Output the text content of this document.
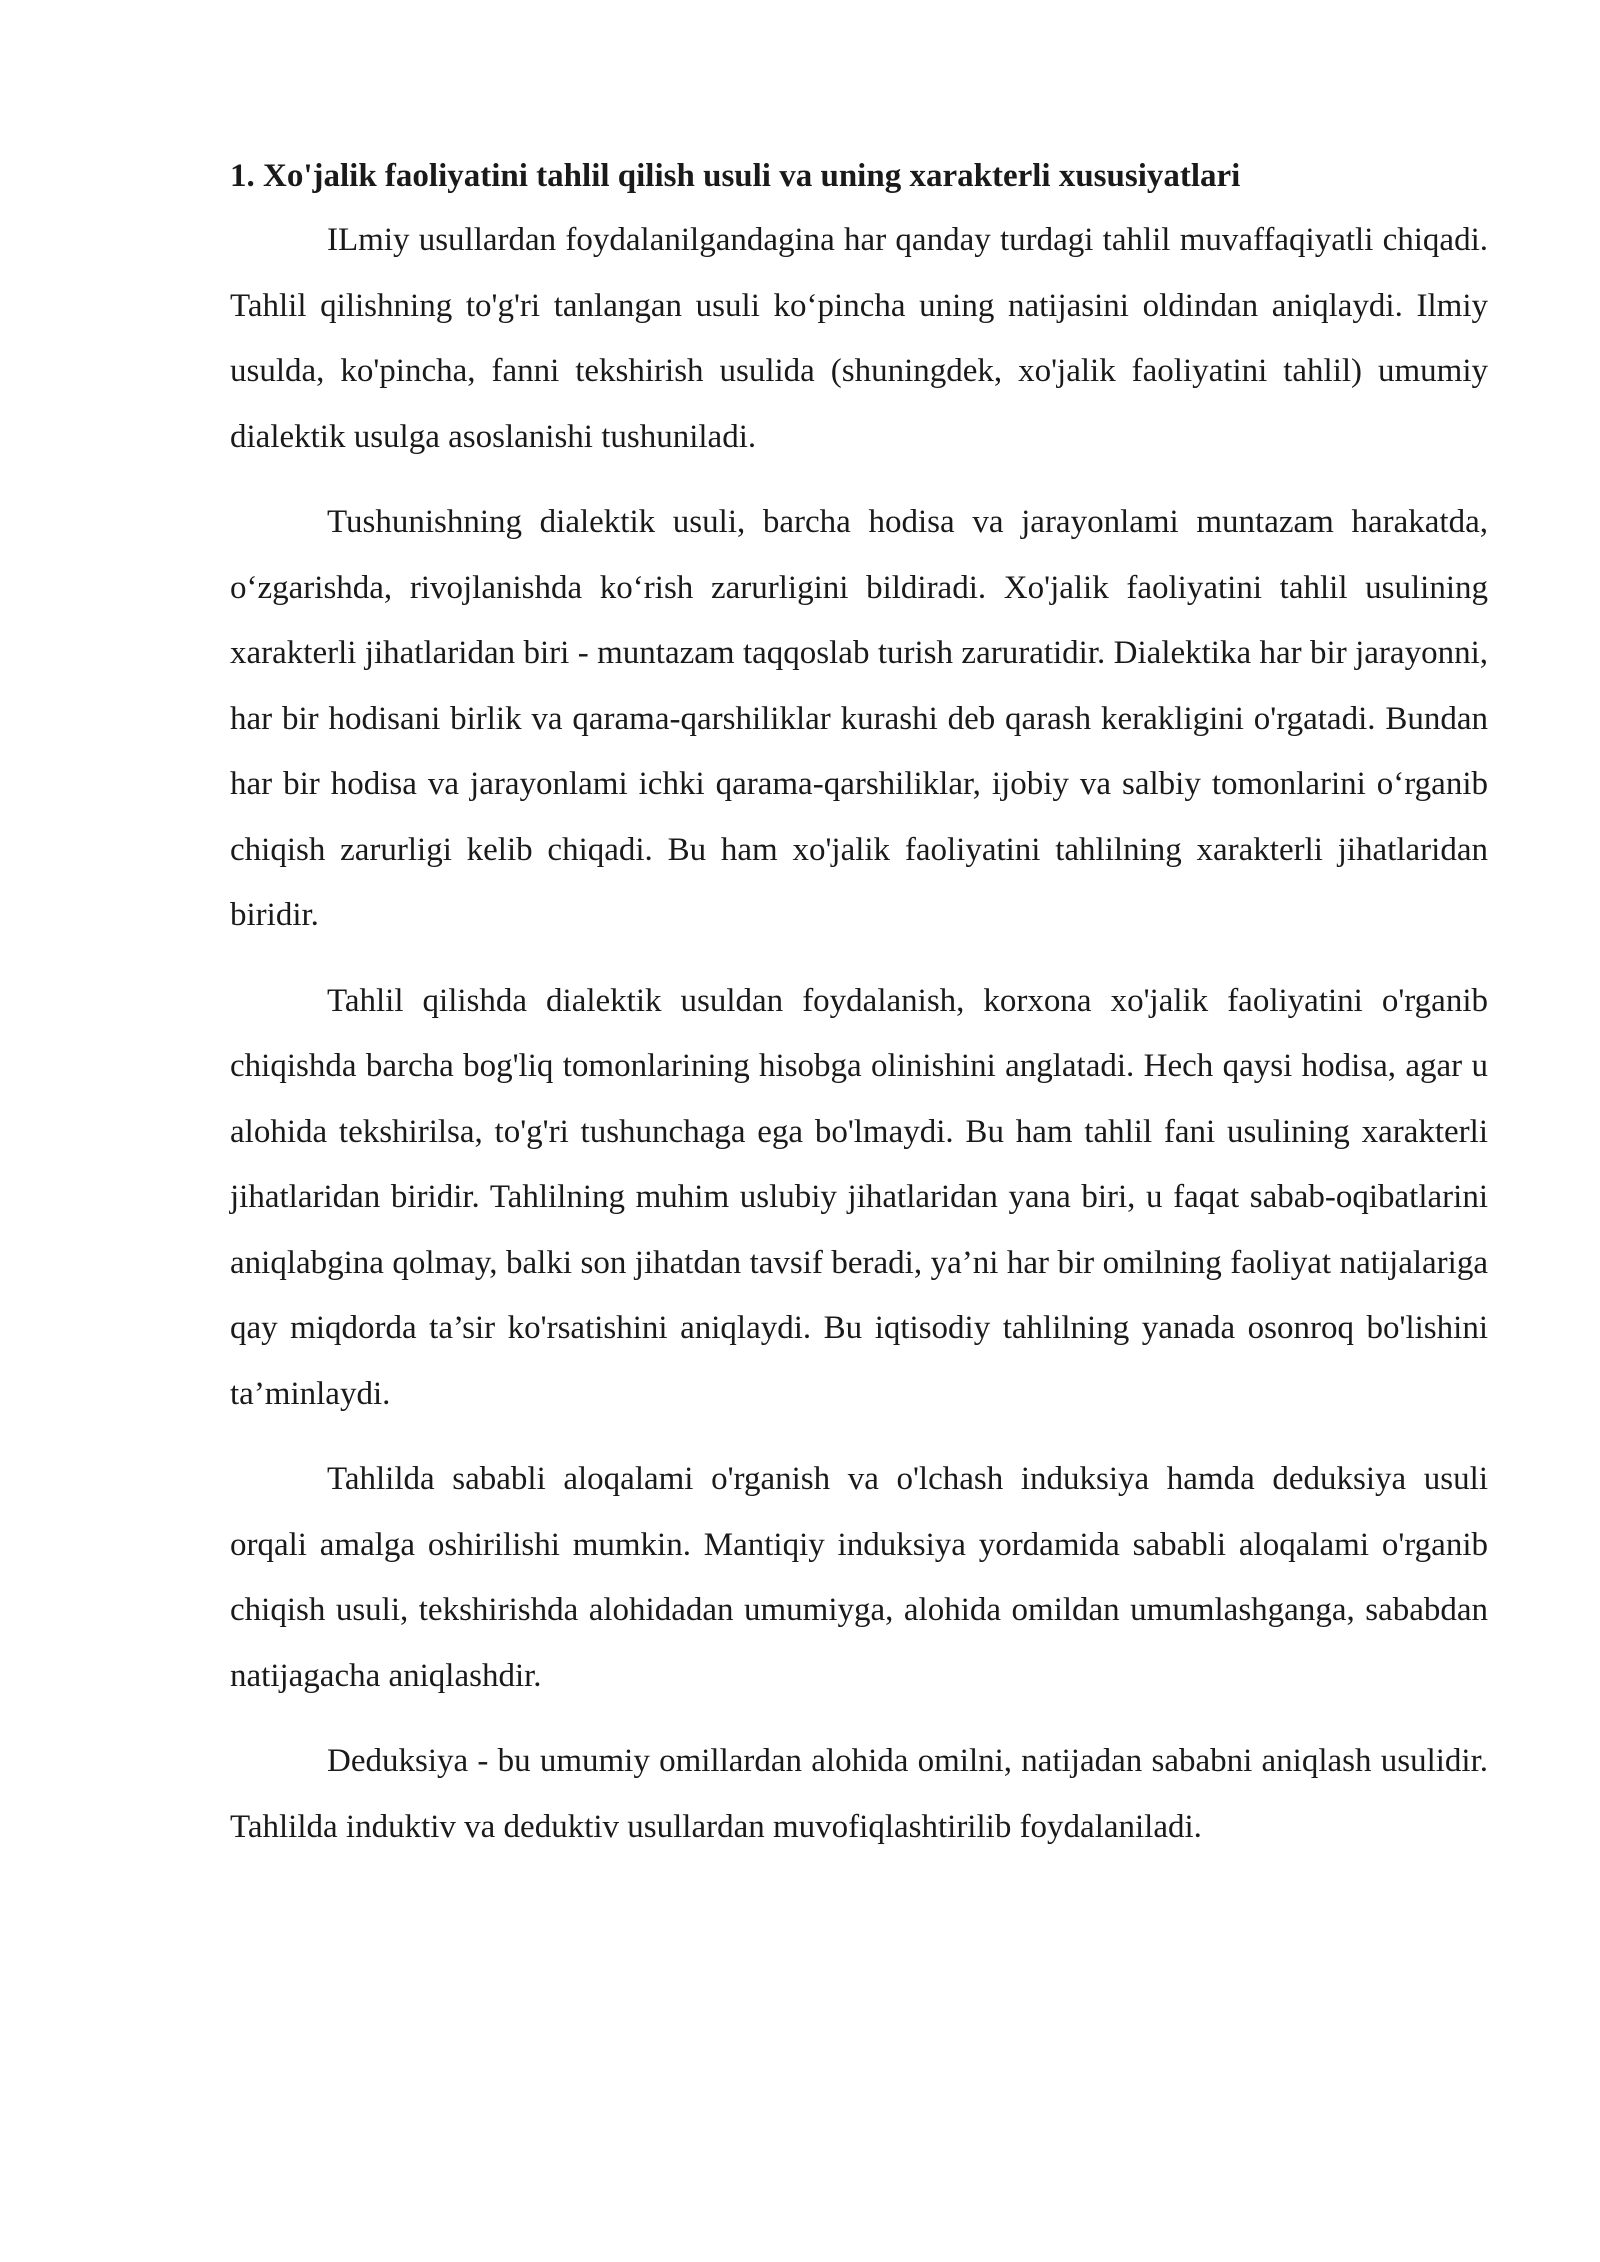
1. Xo'jalik faoliyatini tahlil qilish usuli va uning xarakterli xususiyatlari

ILmiy usullardan foydalanilgandagina har qanday turdagi tahlil muvaffaqiyatli chiqadi. Tahlil qilishning to'g'ri tanlangan usuli ko‘pincha uning natijasini oldindan aniqlaydi. Ilmiy usulda, ko'pincha, fanni tekshirish usulida (shuningdek, xo'jalik faoliyatini tahlil) umumiy dialektik usulga asoslanishi tushuniladi.

Tushunishning dialektik usuli, barcha hodisa va jarayonlami muntazam harakatda, o‘zgarishda, rivojlanishda ko‘rish zarurligini bildiradi. Xo'jalik faoliyatini tahlil usulining xarakterli jihatlaridan biri - muntazam taqqoslab turish zaruratidir. Dialektika har bir jarayonni, har bir hodisani birlik va qarama-qarshiliklar kurashi deb qarash kerakligini o'rgatadi. Bundan har bir hodisa va jarayonlami ichki qarama-qarshiliklar, ijobiy va salbiy tomonlarini o‘rganib chiqish zarurligi kelib chiqadi. Bu ham xo'jalik faoliyatini tahlilning xarakterli jihatlaridan biridir.

Tahlil qilishda dialektik usuldan foydalanish, korxona xo'jalik faoliyatini o'rganib chiqishda barcha bog'liq tomonlarining hisobga olinishini anglatadi. Hech qaysi hodisa, agar u alohida tekshirilsa, to'g'ri tushunchaga ega bo'lmaydi. Bu ham tahlil fani usulining xarakterli jihatlaridan biridir. Tahlilning muhim uslubiy jihatlaridan yana biri, u faqat sabab-oqibatlarini aniqlabgina qolmay, balki son jihatdan tavsif beradi, ya’ni har bir omilning faoliyat natijalariga qay miqdorda ta’sir ko'rsatishini aniqlaydi. Bu iqtisodiy tahlilning yanada osonroq bo'lishini ta’minlaydi.

Tahlilda sababli aloqalami o'rganish va o'lchash induksiya hamda deduksiya usuli orqali amalga oshirilishi mumkin. Mantiqiy induksiya yordamida sababli aloqalami o'rganib chiqish usuli, tekshirishda alohidadan umumiyga, alohida omildan umumlashganga, sababdan natijagacha aniqlashdir.

Deduksiya - bu umumiy omillardan alohida omilni, natijadan sababni aniqlash usulidir. Tahlilda induktiv va deduktiv usullardan muvofiqlashtirilib foydalaniladi.
